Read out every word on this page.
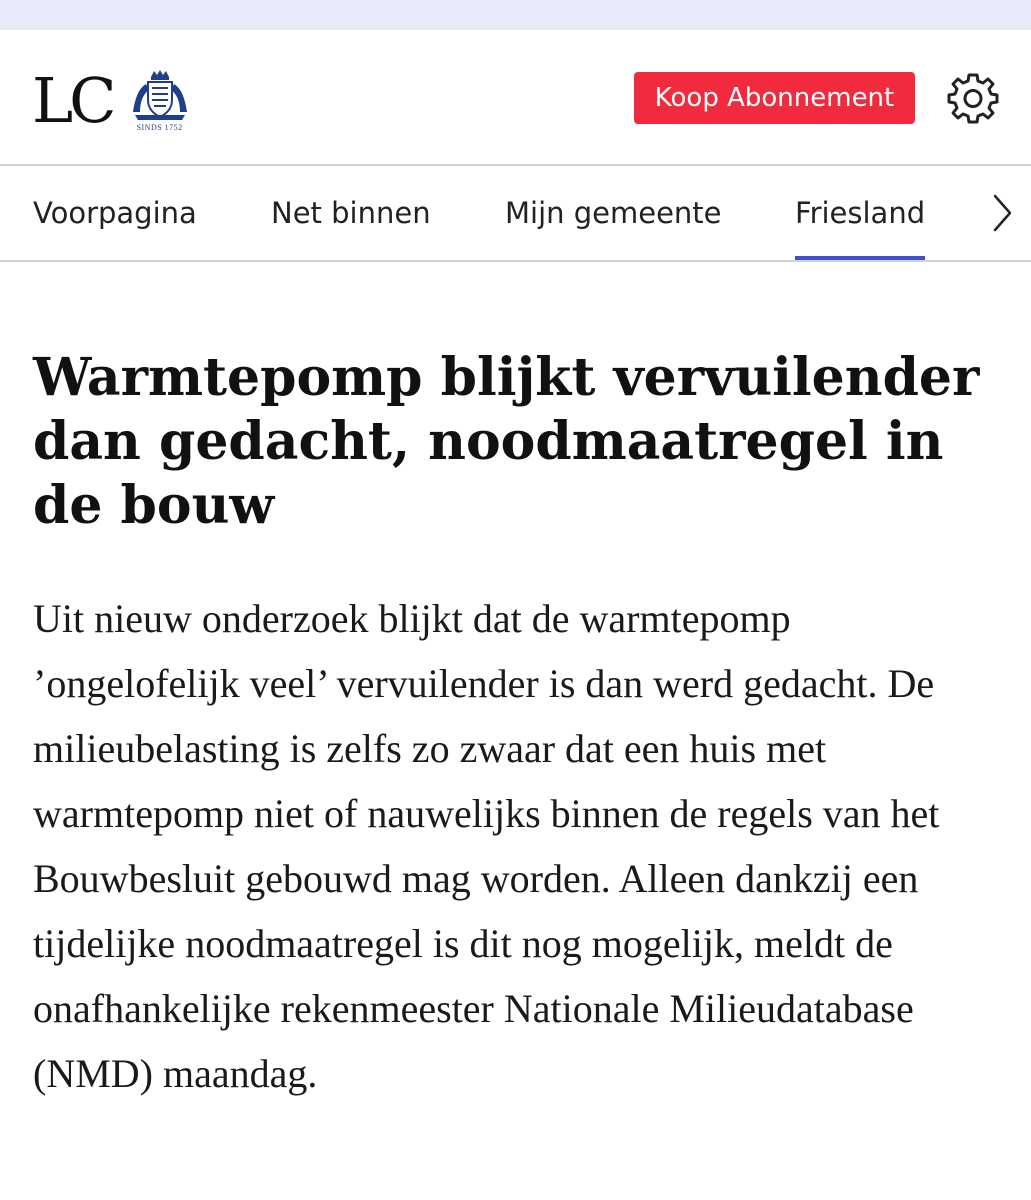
LC	SINDS 1752
Koop Abonnement
Voorpagina	Net binnen	Mijn gemeente	Friesland
Warmtepomp blijkt vervuilender dan gedacht, noodmaatregel in de bouw

Uit nieuw onderzoek blijkt dat de warmtepomp ’ongelofelijk veel’ vervuilender is dan werd gedacht. De milieubelasting is zelfs zo zwaar dat een huis met warmtepomp niet of nauwelijks binnen de regels van het Bouwbesluit gebouwd mag worden. Alleen dankzij een tijdelijke noodmaatregel is dit nog mogelijk, meldt de onafhankelijke rekenmeester Nationale Milieudatabase (NMD) maandag.
